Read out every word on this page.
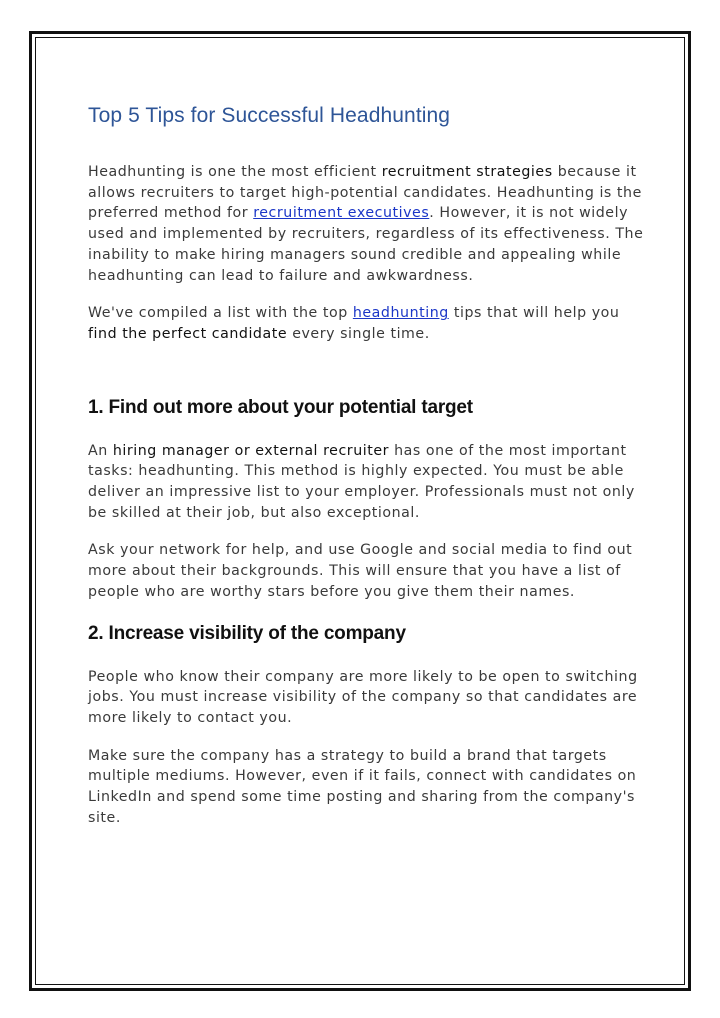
Top 5 Tips for Successful Headhunting

Headhunting is one the most efficient recruitment strategies because it allows recruiters to target high-potential candidates. Headhunting is the preferred method for recruitment executives. However, it is not widely used and implemented by recruiters, regardless of its effectiveness. The inability to make hiring managers sound credible and appealing while headhunting can lead to failure and awkwardness.

We've compiled a list with the top headhunting tips that will help you find the perfect candidate every single time.

1. Find out more about your potential target

An hiring manager or external recruiter has one of the most important tasks: headhunting. This method is highly expected. You must be able deliver an impressive list to your employer. Professionals must not only be skilled at their job, but also exceptional.

Ask your network for help, and use Google and social media to find out more about their backgrounds. This will ensure that you have a list of people who are worthy stars before you give them their names.

2. Increase visibility of the company

People who know their company are more likely to be open to switching jobs. You must increase visibility of the company so that candidates are more likely to contact you.

Make sure the company has a strategy to build a brand that targets multiple mediums. However, even if it fails, connect with candidates on LinkedIn and spend some time posting and sharing from the company's site.
